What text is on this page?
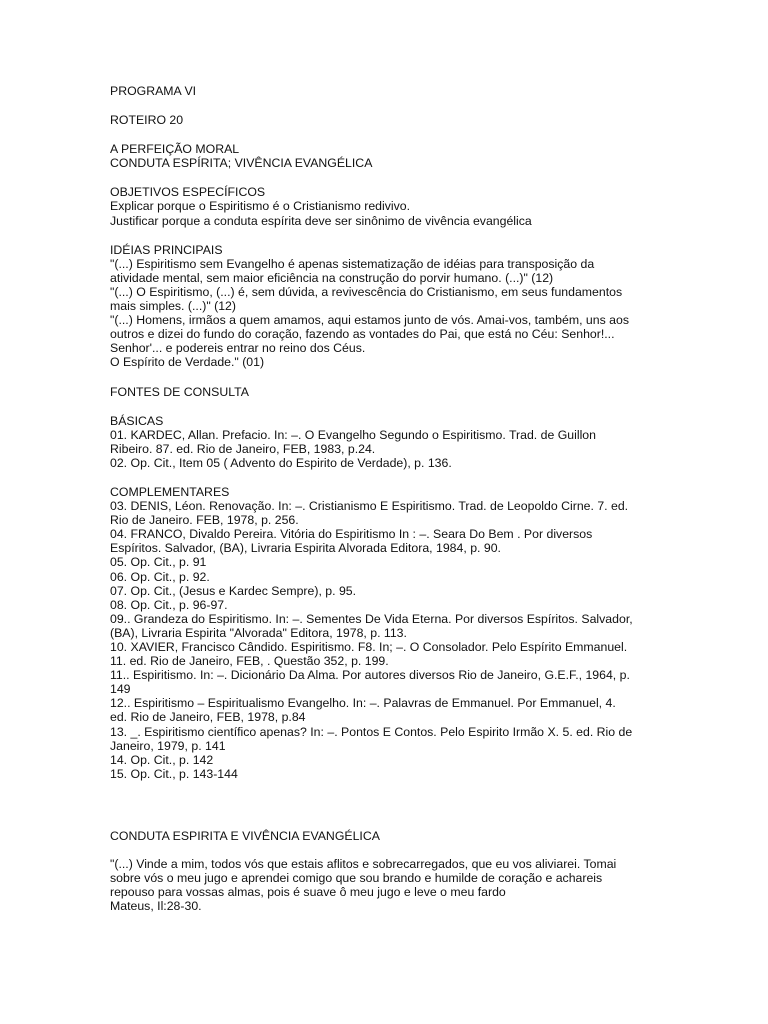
PROGRAMA VI
ROTEIRO 20
A PERFEIÇÃO MORAL
CONDUTA ESPÍRITA; VIVÊNCIA EVANGÉLICA
OBJETIVOS ESPECÍFICOS
Explicar porque o Espiritismo é o Cristianismo redivivo.
Justificar porque a conduta espírita deve ser sinônimo de vivência evangélica
IDÉIAS PRINCIPAIS
"(...) Espiritismo sem Evangelho é apenas sistematização de idéias para transposição da
atividade mental, sem maior eficiência na construção do porvir humano. (...)" (12)
"(...) O Espiritismo, (...) é, sem dúvida, a revivescência do Cristianismo, em seus fundamentos
mais simples. (...)" (12)
"(...) Homens, irmãos a quem amamos, aqui estamos junto de vós. Amai-vos, também, uns aos
outros e dizei do fundo do coração, fazendo as vontades do Pai, que está no Céu: Senhor!...
Senhor'... e podereis entrar no reino dos Céus.
O Espírito de Verdade." (01)
FONTES DE CONSULTA
BÁSICAS
01. KARDEC, Allan. Prefacio. In: –. O Evangelho Segundo o Espiritismo. Trad. de Guillon
Ribeiro. 87. ed. Rio de Janeiro, FEB, 1983, p.24.
02. Op. Cit., Item 05 ( Advento do Espirito de Verdade), p. 136.
COMPLEMENTARES
03. DENIS, Léon. Renovação. In: –. Cristianismo E Espiritismo. Trad. de Leopoldo Cirne. 7. ed.
Rio de Janeiro. FEB, 1978, p. 256.
04. FRANCO, Divaldo Pereira. Vitória do Espiritismo In : –. Seara Do Bem . Por diversos
Espíritos. Salvador, (BA), Livraria Espirita Alvorada Editora, 1984, p. 90.
05. Op. Cit., p. 91
06. Op. Cit., p. 92.
07. Op. Cit., (Jesus e Kardec Sempre), p. 95.
08. Op. Cit., p. 96-97.
09.. Grandeza do Espiritismo. In: –. Sementes De Vida Eterna. Por diversos Espíritos. Salvador,
(BA), Livraria Espirita "Alvorada" Editora, 1978, p. 113.
10. XAVIER, Francisco Cândido. Espiritismo. F8. In; –. O Consolador. Pelo Espírito Emmanuel.
11. ed. Rio de Janeiro, FEB, . Questão 352, p. 199.
11.. Espiritismo. In: –. Dicionário Da Alma. Por autores diversos Rio de Janeiro, G.E.F., 1964, p.
149
12.. Espiritismo – Espiritualismo Evangelho. In: –. Palavras de Emmanuel. Por Emmanuel, 4.
ed. Rio de Janeiro, FEB, 1978, p.84
13. _. Espiritismo científico apenas? In: –. Pontos E Contos. Pelo Espirito Irmão X. 5. ed. Rio de
Janeiro, 1979, p. 141
14. Op. Cit., p. 142
15. Op. Cit., p. 143-144
CONDUTA ESPIRITA E VIVÊNCIA EVANGÉLICA
"(...) Vinde a mim, todos vós que estais aflitos e sobrecarregados, que eu vos aliviarei. Tomai
sobre vós o meu jugo e aprendei comigo que sou brando e humilde de coração e achareis
repouso para vossas almas, pois é suave ô meu jugo e leve o meu fardo
Mateus, Il:28-30.
